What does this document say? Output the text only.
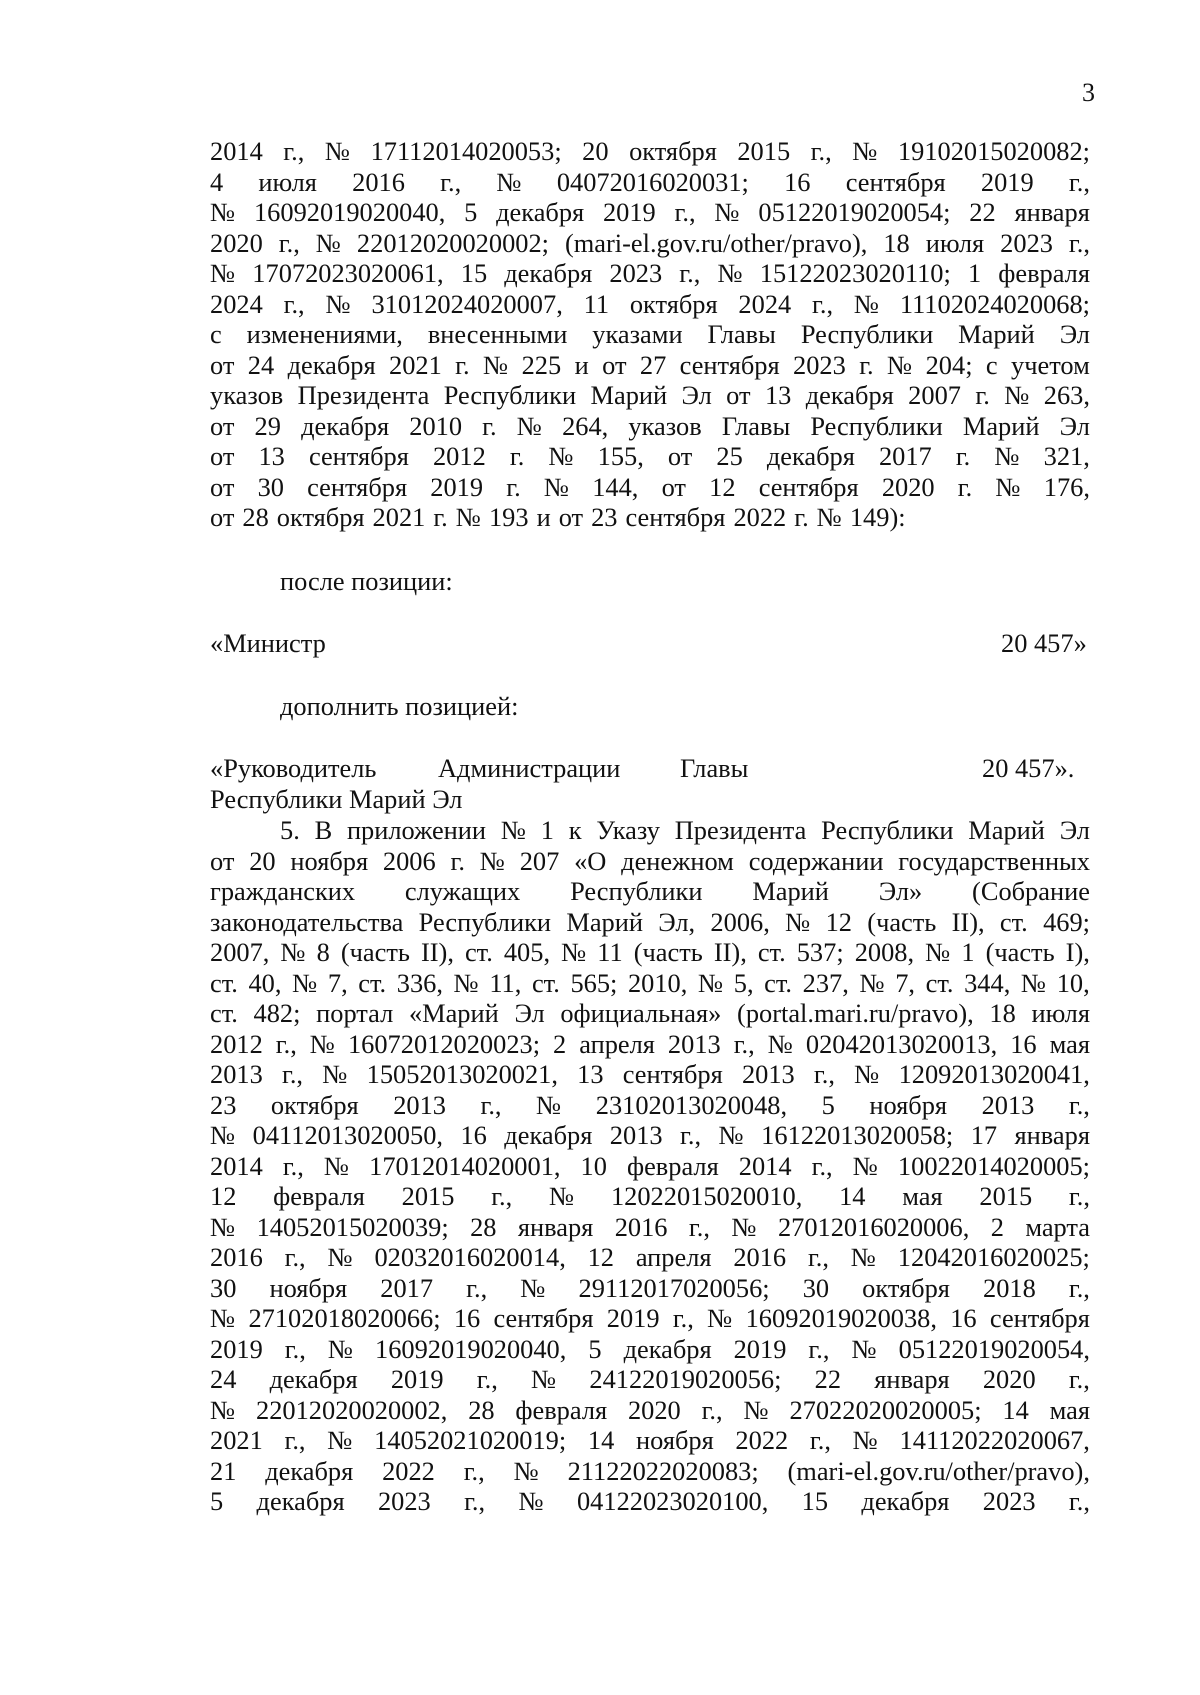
3
2014 г., № 17112014020053; 20 октября 2015 г., № 19102015020082;
4 июля 2016 г., № 04072016020031; 16 сентября 2019 г.,
№ 16092019020040, 5 декабря 2019 г., № 05122019020054; 22 января
2020 г., № 22012020020002; (mari-el.gov.ru/other/pravo), 18 июля 2023 г.,
№ 17072023020061, 15 декабря 2023 г., № 15122023020110; 1 февраля
2024 г., № 31012024020007, 11 октября 2024 г., № 11102024020068;
с изменениями, внесенными указами Главы Республики Марий Эл
от 24 декабря 2021 г. № 225 и от 27 сентября 2023 г. № 204; с учетом
указов Президента Республики Марий Эл от 13 декабря 2007 г. № 263,
от 29 декабря 2010 г. № 264, указов Главы Республики Марий Эл
от 13 сентября 2012 г. № 155, от 25 декабря 2017 г. № 321,
от 30 сентября 2019 г. № 144, от 12 сентября 2020 г. № 176,
от 28 октября 2021 г. № 193 и от 23 сентября 2022 г. № 149):
после позиции:
«Министр	20 457»
дополнить позицией:
«Руководитель Администрации Главы	20 457».
Республики Марий Эл
5. В приложении № 1 к Указу Президента Республики Марий Эл
от 20 ноября 2006 г. № 207 «О денежном содержании государственных
гражданских служащих Республики Марий Эл» (Собрание
законодательства Республики Марий Эл, 2006, № 12 (часть II), ст. 469;
2007, № 8 (часть II), ст. 405, № 11 (часть II), ст. 537; 2008, № 1 (часть I),
ст. 40, № 7, ст. 336, № 11, ст. 565; 2010, № 5, ст. 237, № 7, ст. 344, № 10,
ст. 482; портал «Марий Эл официальная» (portal.mari.ru/pravo), 18 июля
2012 г., № 16072012020023; 2 апреля 2013 г., № 02042013020013, 16 мая
2013 г., № 15052013020021, 13 сентября 2013 г., № 12092013020041,
23 октября 2013 г., № 23102013020048, 5 ноября 2013 г.,
№ 04112013020050, 16 декабря 2013 г., № 16122013020058; 17 января
2014 г., № 17012014020001, 10 февраля 2014 г., № 10022014020005;
12 февраля 2015 г., № 12022015020010, 14 мая 2015 г.,
№ 14052015020039; 28 января 2016 г., № 27012016020006, 2 марта
2016 г., № 02032016020014, 12 апреля 2016 г., № 12042016020025;
30 ноября 2017 г., № 29112017020056; 30 октября 2018 г.,
№ 27102018020066; 16 сентября 2019 г., № 16092019020038, 16 сентября
2019 г., № 16092019020040, 5 декабря 2019 г., № 05122019020054,
24 декабря 2019 г., № 24122019020056; 22 января 2020 г.,
№ 22012020020002, 28 февраля 2020 г., № 27022020020005; 14 мая
2021 г., № 14052021020019; 14 ноября 2022 г., № 14112022020067,
21 декабря 2022 г., № 21122022020083; (mari-el.gov.ru/other/pravo),
5 декабря 2023 г., № 04122023020100, 15 декабря 2023 г.,
